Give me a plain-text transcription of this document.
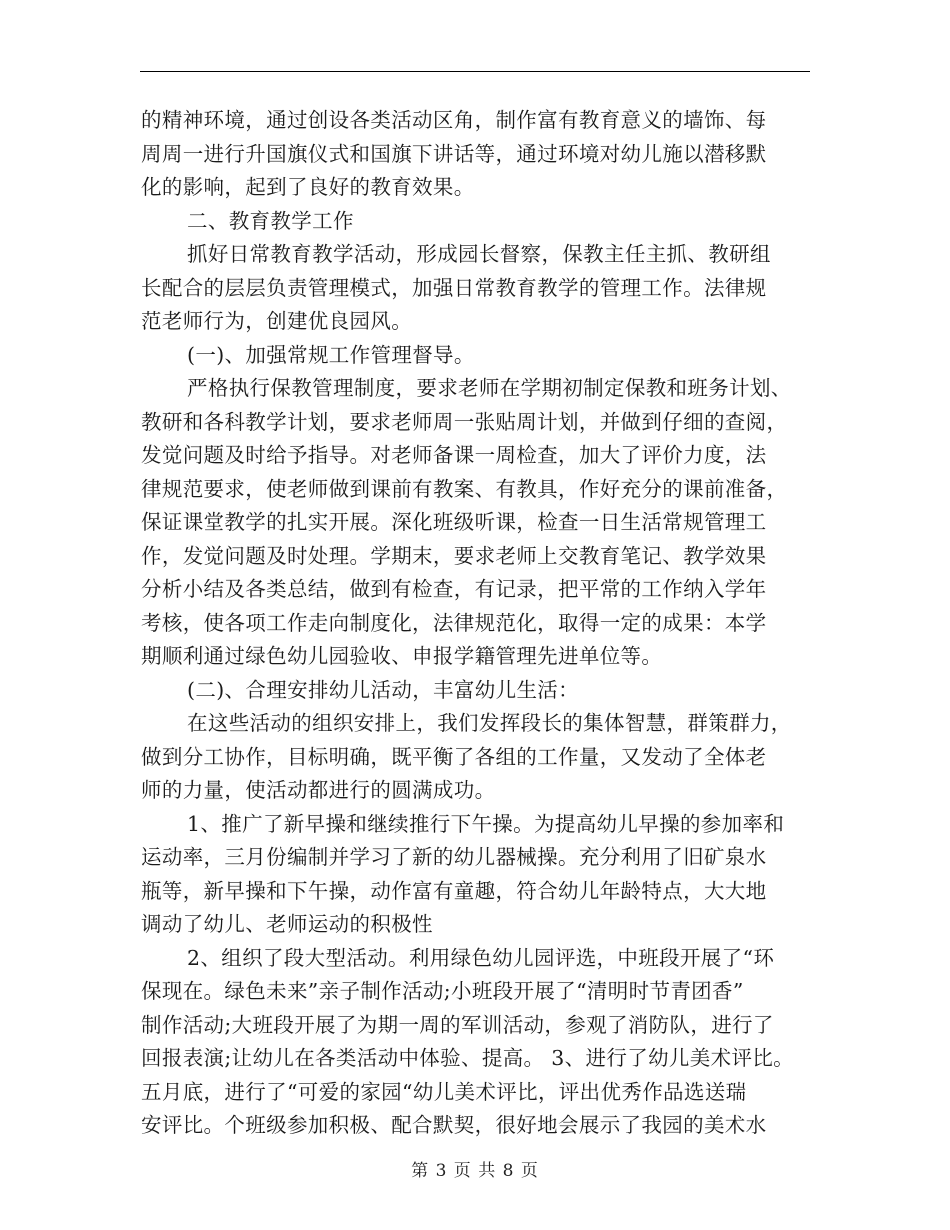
的精神环境，通过创设各类活动区角，制作富有教育意义的墙饰、每
周周一进行升国旗仪式和国旗下讲话等，通过环境对幼儿施以潜移默
化的影响，起到了良好的教育效果。
二、教育教学工作
抓好日常教育教学活动，形成园长督察，保教主任主抓、教研组
长配合的层层负责管理模式，加强日常教育教学的管理工作。法律规
范老师行为，创建优良园风。
(一)、加强常规工作管理督导。
严格执行保教管理制度，要求老师在学期初制定保教和班务计划、
教研和各科教学计划，要求老师周一张贴周计划，并做到仔细的查阅，
发觉问题及时给予指导。对老师备课一周检查，加大了评价力度，法
律规范要求，使老师做到课前有教案、有教具，作好充分的课前准备，
保证课堂教学的扎实开展。深化班级听课，检查一日生活常规管理工
作，发觉问题及时处理。学期末，要求老师上交教育笔记、教学效果
分析小结及各类总结，做到有检查，有记录，把平常的工作纳入学年
考核，使各项工作走向制度化，法律规范化，取得一定的成果：本学
期顺利通过绿色幼儿园验收、申报学籍管理先进单位等。
(二)、合理安排幼儿活动，丰富幼儿生活：
在这些活动的组织安排上，我们发挥段长的集体智慧，群策群力，
做到分工协作，目标明确，既平衡了各组的工作量，又发动了全体老
师的力量，使活动都进行的圆满成功。
1、推广了新早操和继续推行下午操。为提高幼儿早操的参加率和
运动率，三月份编制并学习了新的幼儿器械操。充分利用了旧矿泉水
瓶等，新早操和下午操，动作富有童趣，符合幼儿年龄特点，大大地
调动了幼儿、老师运动的积极性
2、组织了段大型活动。利用绿色幼儿园评选，中班段开展了“环
保现在。绿色未来”亲子制作活动;小班段开展了“清明时节青团香”
制作活动;大班段开展了为期一周的军训活动，参观了消防队，进行了
回报表演;让幼儿在各类活动中体验、提高。 3、进行了幼儿美术评比。
五月底，进行了“可爱的家园“幼儿美术评比，评出优秀作品选送瑞
安评比。个班级参加积极、配合默契，很好地会展示了我园的美术水
第 3 页 共 8 页
